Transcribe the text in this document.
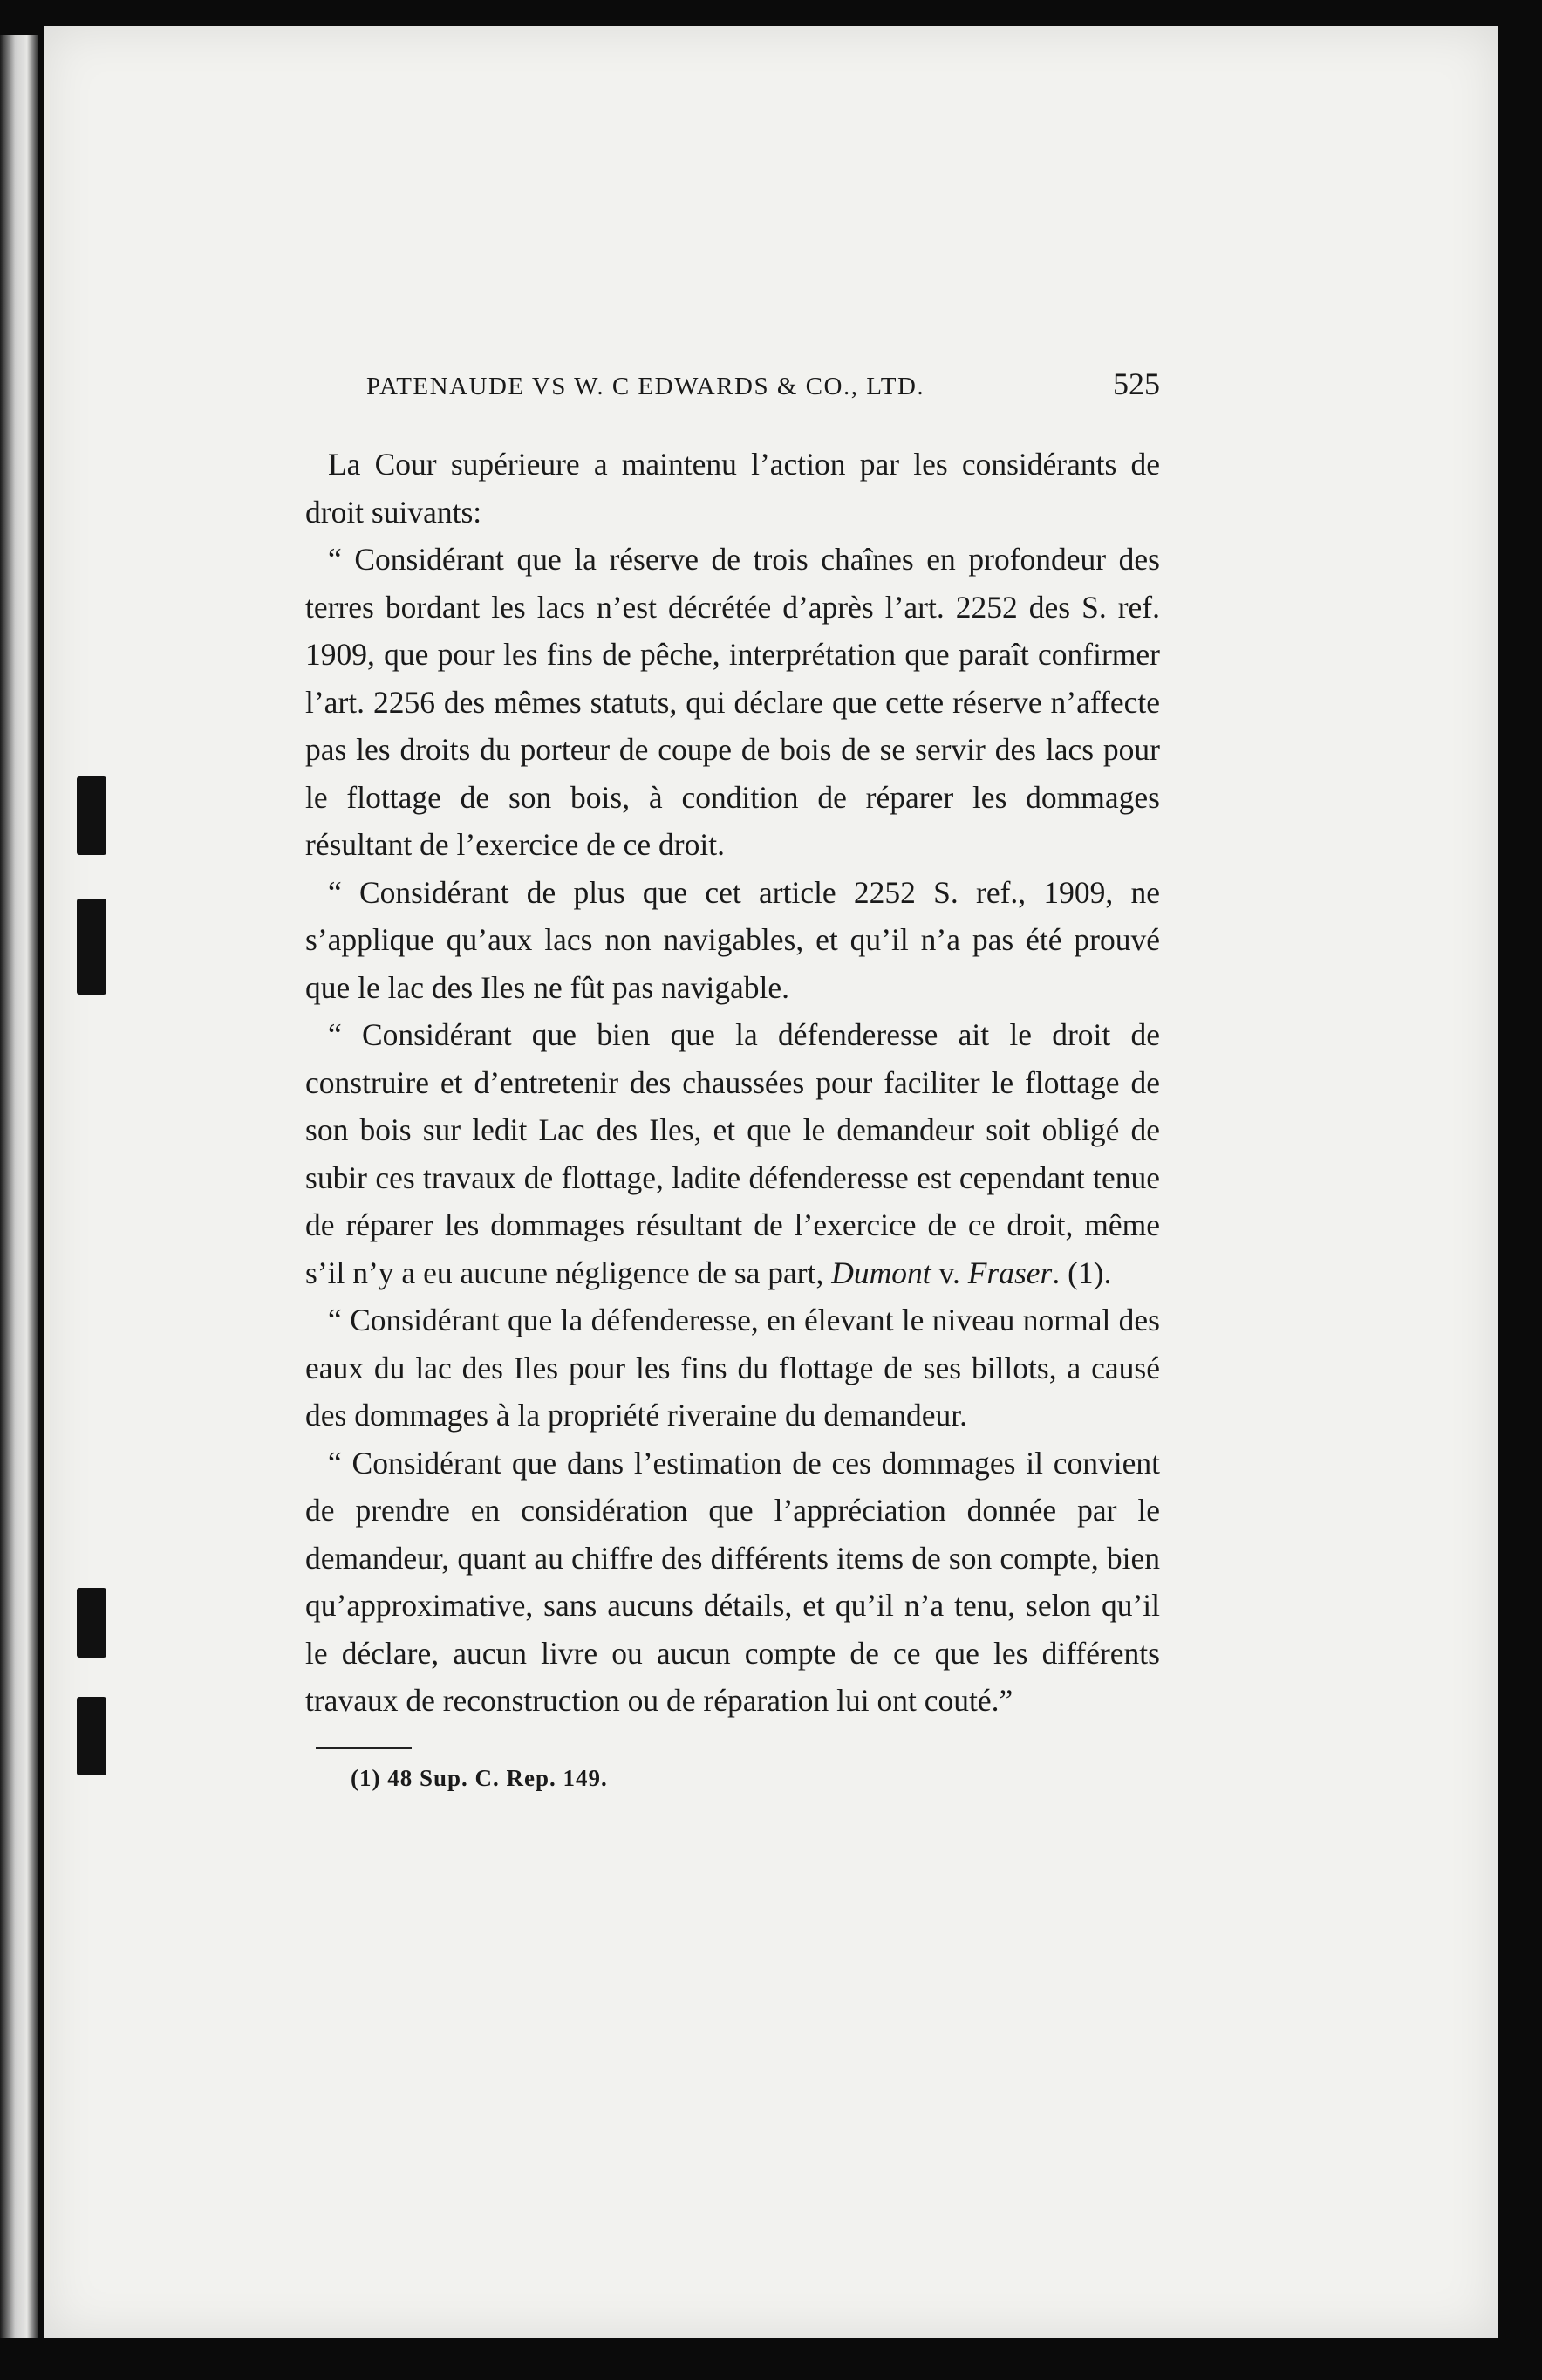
PATENAUDE VS W. C EDWARDS & CO., LTD.	525

La Cour supérieure a maintenu l’action par les considérants de droit suivants:

“ Considérant que la réserve de trois chaînes en profondeur des terres bordant les lacs n’est décrétée d’après l’art. 2252 des S. ref. 1909, que pour les fins de pêche, interprétation que paraît confirmer l’art. 2256 des mêmes statuts, qui déclare que cette réserve n’affecte pas les droits du porteur de coupe de bois de se servir des lacs pour le flottage de son bois, à condition de réparer les dommages résultant de l’exercice de ce droit.

“ Considérant de plus que cet article 2252 S. ref., 1909, ne s’applique qu’aux lacs non navigables, et qu’il n’a pas été prouvé que le lac des Iles ne fût pas navigable.

“ Considérant que bien que la défenderesse ait le droit de construire et d’entretenir des chaussées pour faciliter le flottage de son bois sur ledit Lac des Iles, et que le demandeur soit obligé de subir ces travaux de flottage, ladite défenderesse est cependant tenue de réparer les dommages résultant de l’exercice de ce droit, même s’il n’y a eu aucune négligence de sa part, Dumont v. Fraser. (1).

“ Considérant que la défenderesse, en élevant le niveau normal des eaux du lac des Iles pour les fins du flottage de ses billots, a causé des dommages à la propriété riveraine du demandeur.

“ Considérant que dans l’estimation de ces dommages il convient de prendre en considération que l’appréciation donnée par le demandeur, quant au chiffre des différents items de son compte, bien qu’approximative, sans aucuns détails, et qu’il n’a tenu, selon qu’il le déclare, aucun livre ou aucun compte de ce que les différents travaux de reconstruction ou de réparation lui ont couté.”

(1) 48 Sup. C. Rep. 149.
